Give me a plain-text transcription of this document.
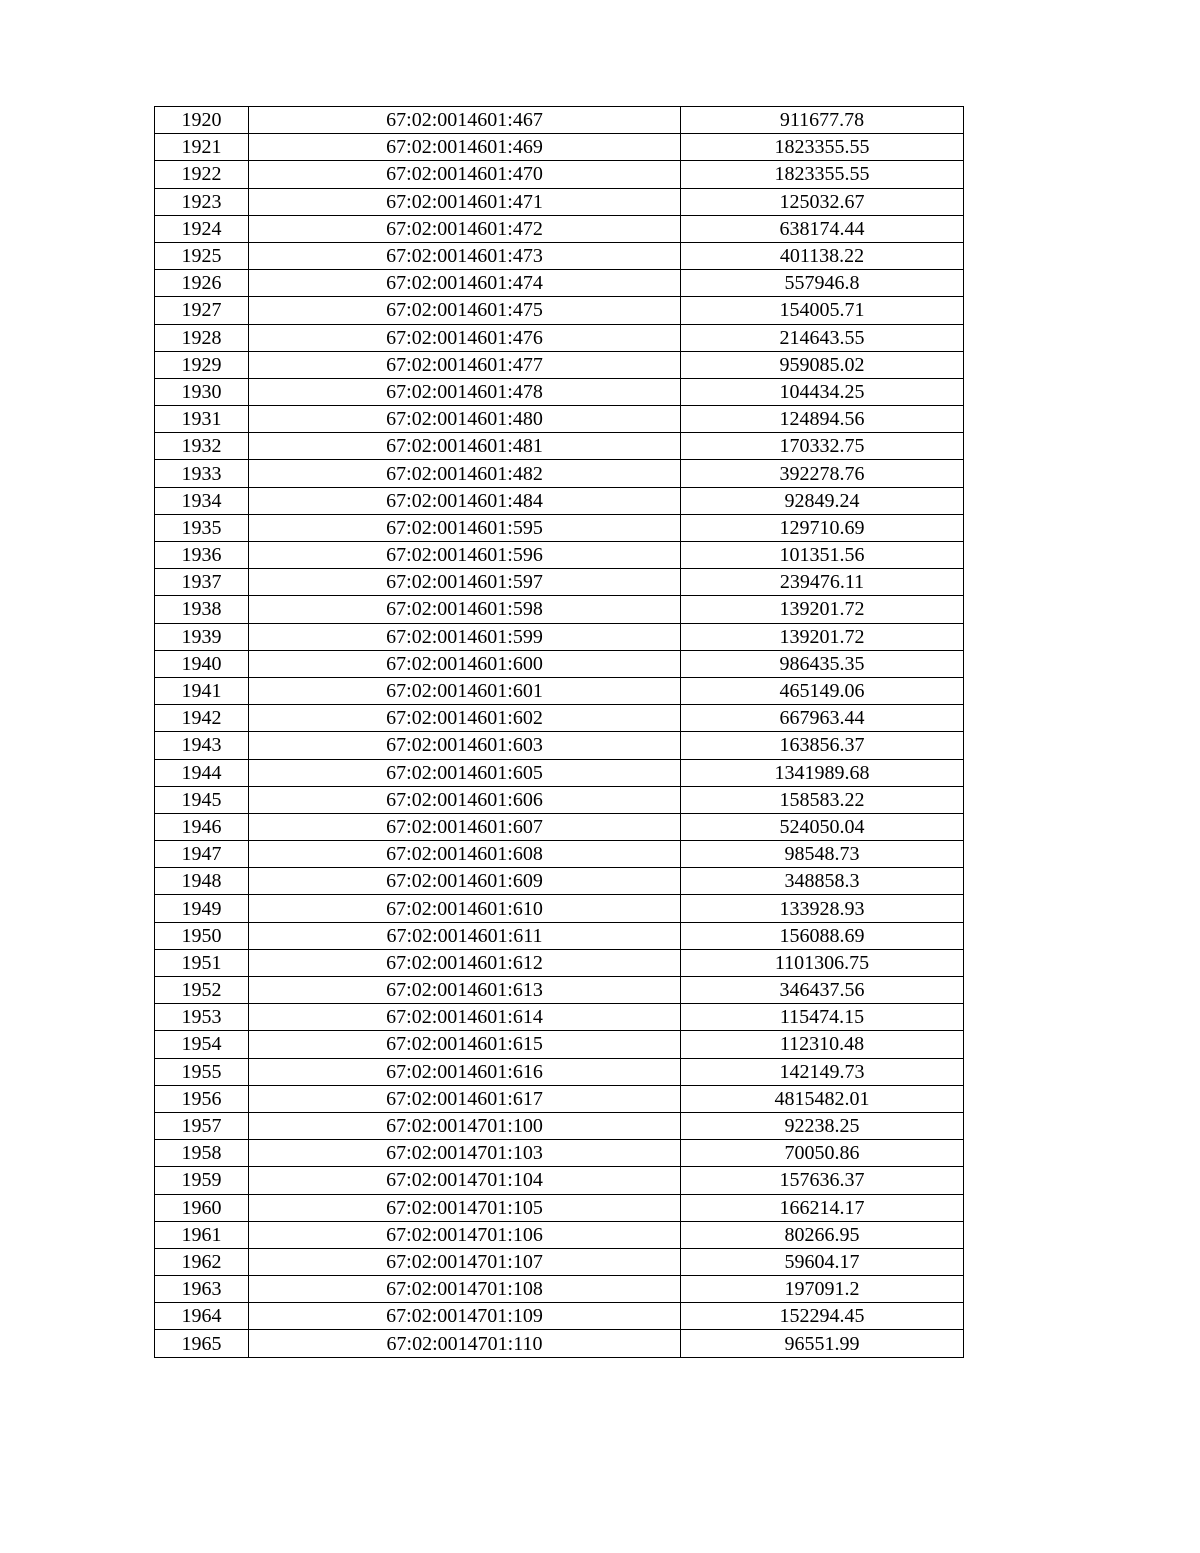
1920	67:02:0014601:467	911677.78
1921	67:02:0014601:469	1823355.55
1922	67:02:0014601:470	1823355.55
1923	67:02:0014601:471	125032.67
1924	67:02:0014601:472	638174.44
1925	67:02:0014601:473	401138.22
1926	67:02:0014601:474	557946.8
1927	67:02:0014601:475	154005.71
1928	67:02:0014601:476	214643.55
1929	67:02:0014601:477	959085.02
1930	67:02:0014601:478	104434.25
1931	67:02:0014601:480	124894.56
1932	67:02:0014601:481	170332.75
1933	67:02:0014601:482	392278.76
1934	67:02:0014601:484	92849.24
1935	67:02:0014601:595	129710.69
1936	67:02:0014601:596	101351.56
1937	67:02:0014601:597	239476.11
1938	67:02:0014601:598	139201.72
1939	67:02:0014601:599	139201.72
1940	67:02:0014601:600	986435.35
1941	67:02:0014601:601	465149.06
1942	67:02:0014601:602	667963.44
1943	67:02:0014601:603	163856.37
1944	67:02:0014601:605	1341989.68
1945	67:02:0014601:606	158583.22
1946	67:02:0014601:607	524050.04
1947	67:02:0014601:608	98548.73
1948	67:02:0014601:609	348858.3
1949	67:02:0014601:610	133928.93
1950	67:02:0014601:611	156088.69
1951	67:02:0014601:612	1101306.75
1952	67:02:0014601:613	346437.56
1953	67:02:0014601:614	115474.15
1954	67:02:0014601:615	112310.48
1955	67:02:0014601:616	142149.73
1956	67:02:0014601:617	4815482.01
1957	67:02:0014701:100	92238.25
1958	67:02:0014701:103	70050.86
1959	67:02:0014701:104	157636.37
1960	67:02:0014701:105	166214.17
1961	67:02:0014701:106	80266.95
1962	67:02:0014701:107	59604.17
1963	67:02:0014701:108	197091.2
1964	67:02:0014701:109	152294.45
1965	67:02:0014701:110	96551.99
